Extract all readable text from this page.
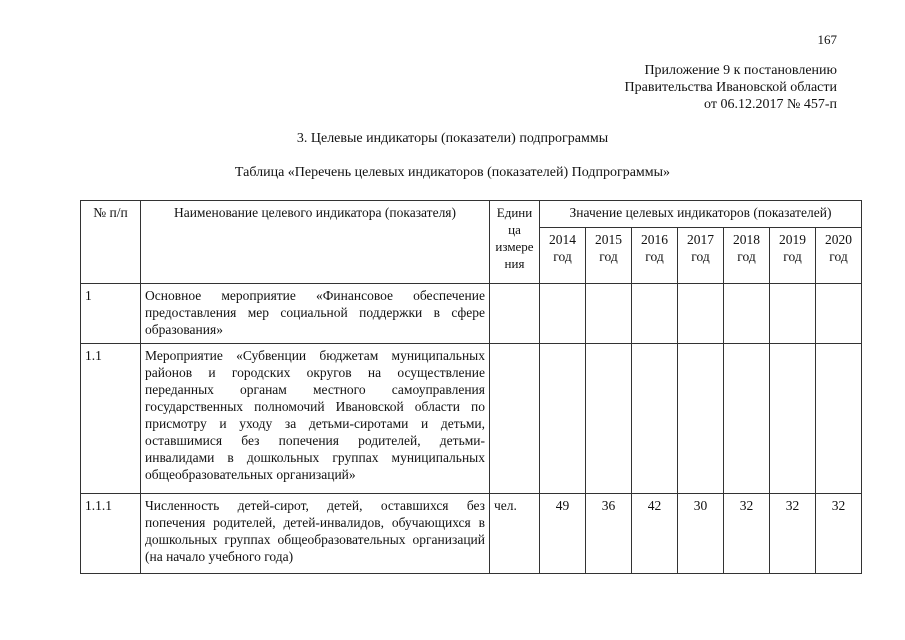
167
Приложение 9 к постановлению
Правительства Ивановской области
от 06.12.2017 № 457-п
3. Целевые индикаторы (показатели) подпрограммы
Таблица «Перечень целевых индикаторов (показателей) Подпрограммы»
№ п/п	Наименование целевого индикатора (показателя)	Едини ца измере ния	Значение целевых индикаторов (показателей)						
			2014 год	2015 год	2016 год	2017 год	2018 год	2019 год	2020 год
1	Основное мероприятие «Финансовое обеспечение предоставления мер социальной поддержки в сфере образования»								
1.1	Мероприятие «Субвенции бюджетам муниципальных районов и городских округов на осуществление переданных органам местного самоуправления государственных полномочий Ивановской области по присмотру и уходу за детьми-сиротами и детьми, оставшимися без попечения родителей, детьми-инвалидами в дошкольных группах муниципальных общеобразовательных организаций»								
1.1.1	Численность детей-сирот, детей, оставшихся без попечения родителей, детей-инвалидов, обучающихся в дошкольных группах общеобразовательных организаций (на начало учебного года)	чел.	49	36	42	30	32	32	32
